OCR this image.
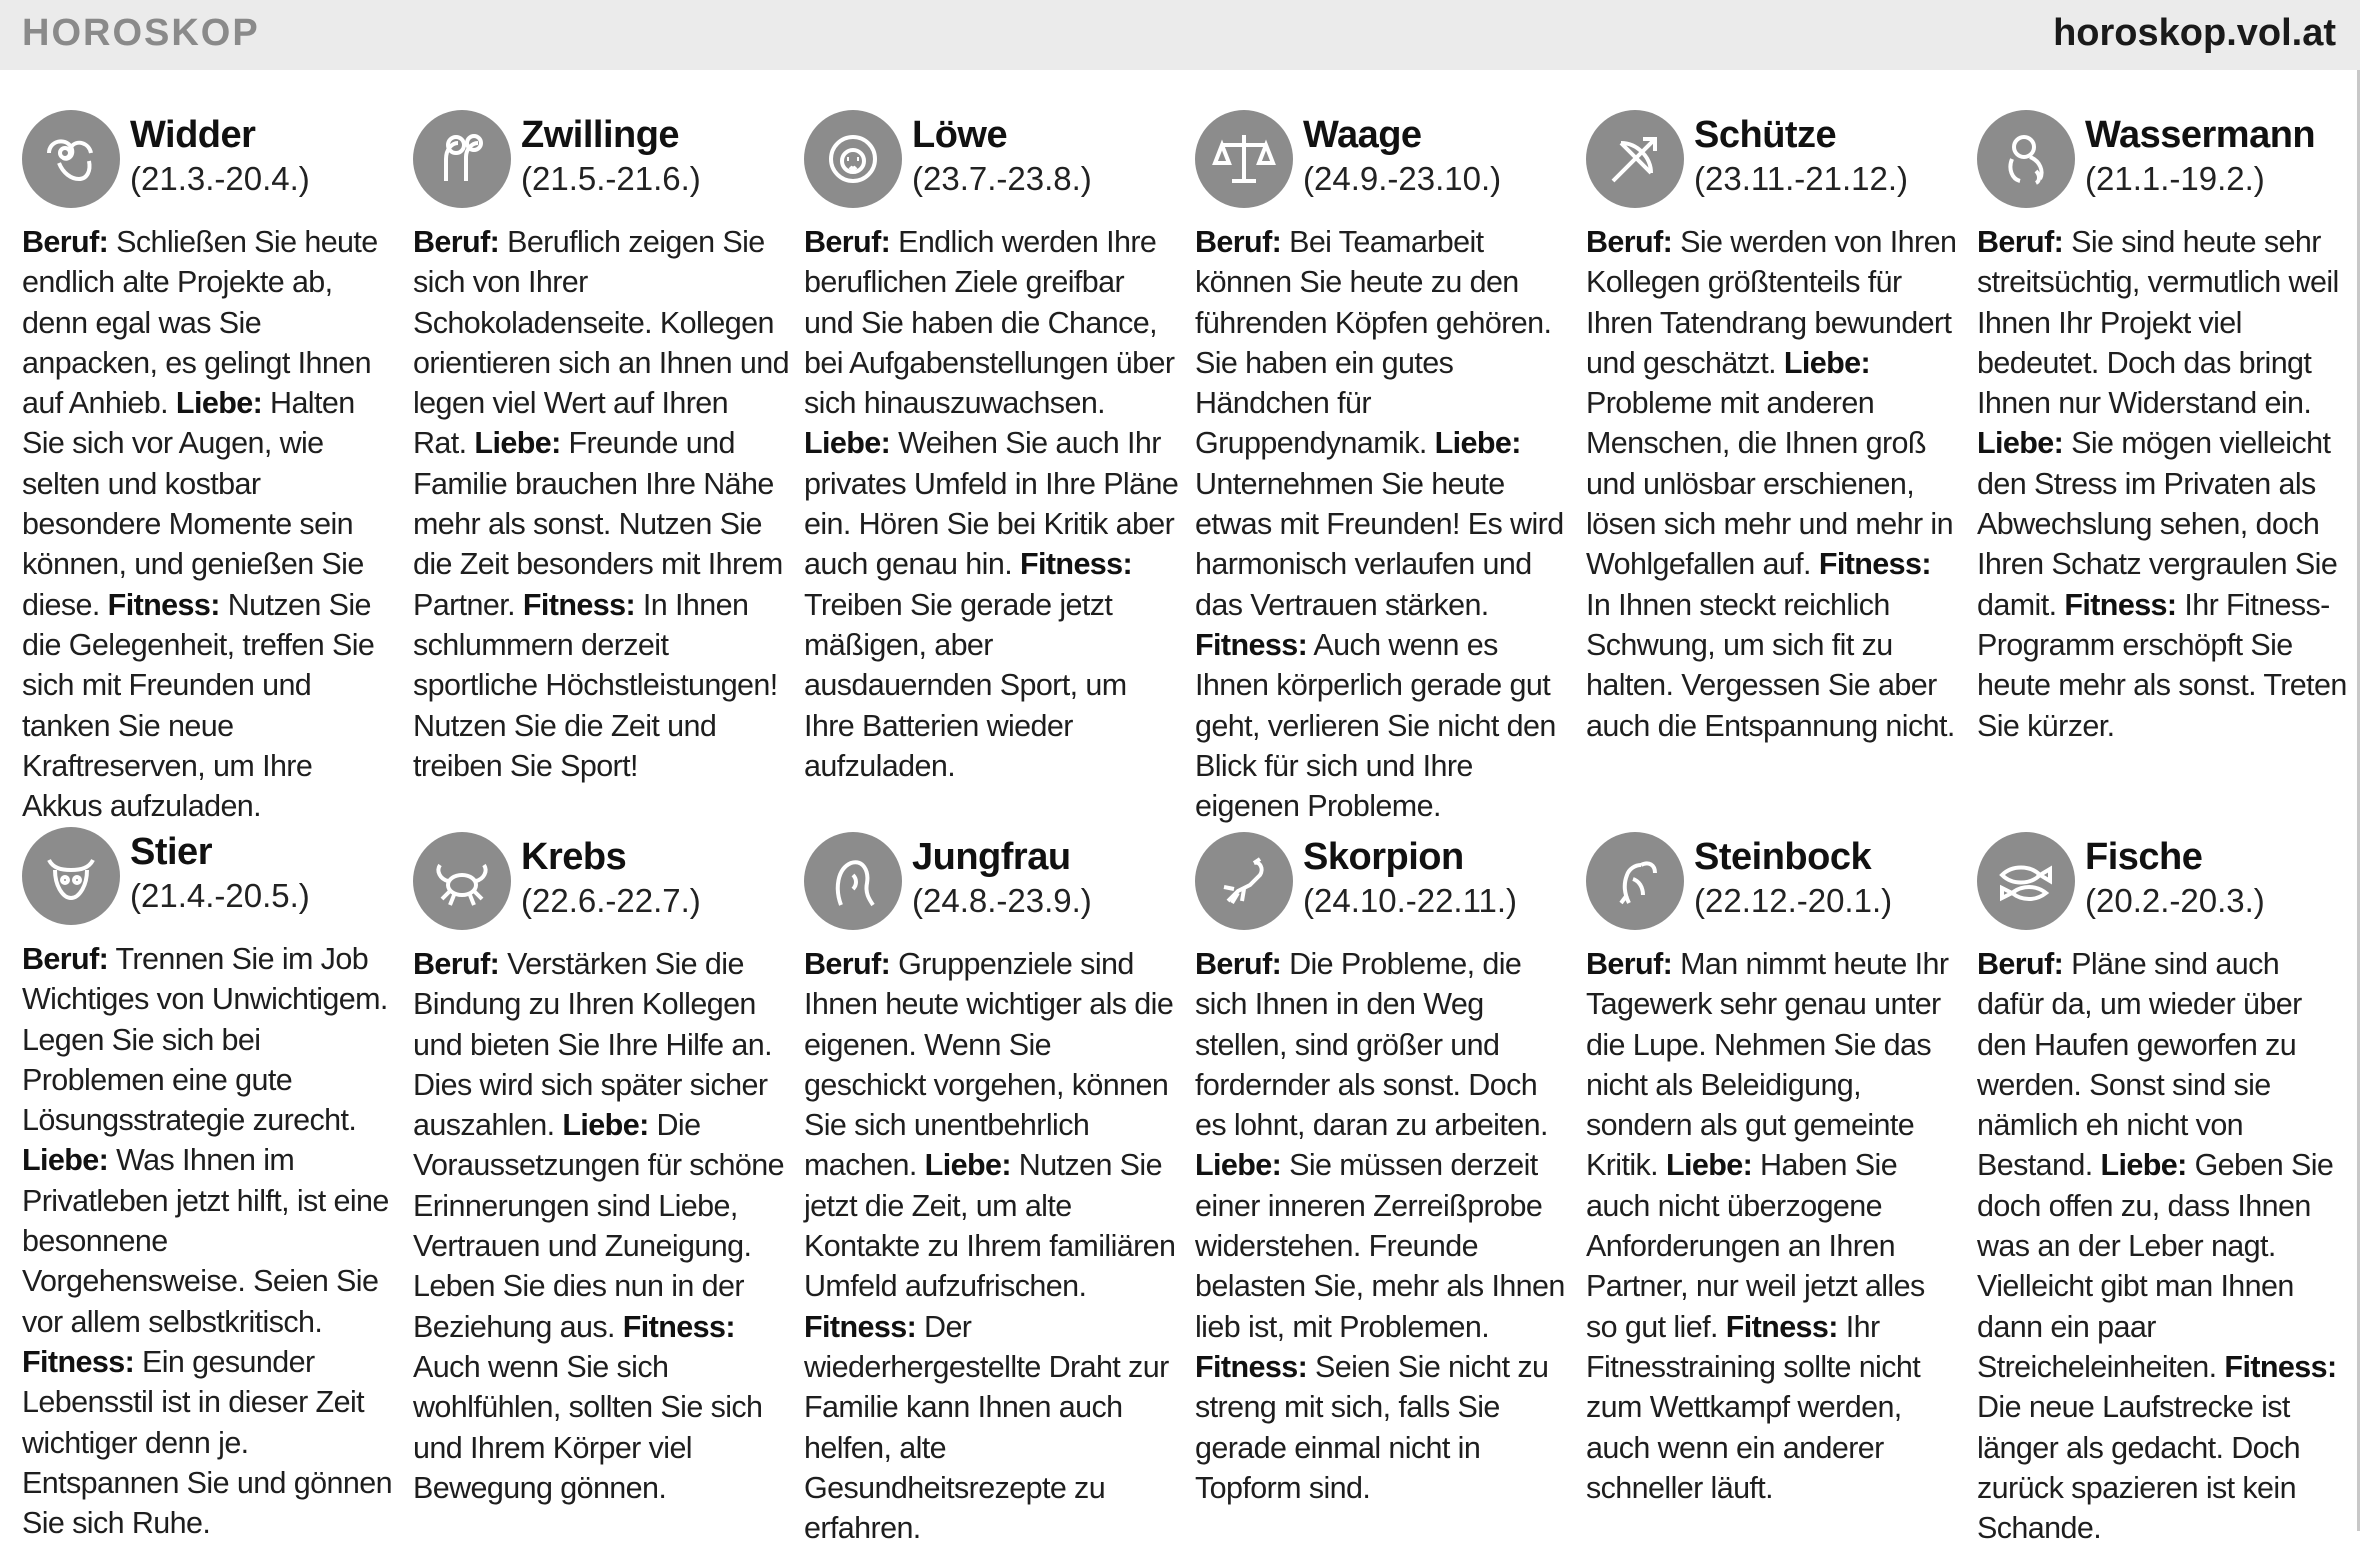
HOROSKOP	horoskop.vol.at
Widder
(21.3.-20.4.)
Beruf: Schließen Sie heute endlich alte Projekte ab, denn egal was Sie anpacken, es gelingt Ihnen auf Anhieb. Liebe: Halten Sie sich vor Augen, wie selten und kostbar besondere Momente sein können, und genießen Sie diese. Fitness: Nutzen Sie die Gelegenheit, treffen Sie sich mit Freunden und tanken Sie neue Kraftreserven, um Ihre Akkus aufzuladen.
Zwillinge
(21.5.-21.6.)
Beruf: Beruflich zeigen Sie sich von Ihrer Schokoladenseite. Kollegen orientieren sich an Ihnen und legen viel Wert auf Ihren Rat. Liebe: Freunde und Familie brauchen Ihre Nähe mehr als sonst. Nutzen Sie die Zeit besonders mit Ihrem Partner. Fitness: In Ihnen schlummern derzeit sportliche Höchstleistungen! Nutzen Sie die Zeit und treiben Sie Sport!
Löwe
(23.7.-23.8.)
Beruf: Endlich werden Ihre beruflichen Ziele greifbar und Sie haben die Chance, bei Aufgabenstellungen über sich hinauszuwachsen. Liebe: Weihen Sie auch Ihr privates Umfeld in Ihre Pläne ein. Hören Sie bei Kritik aber auch genau hin. Fitness: Treiben Sie gerade jetzt mäßigen, aber ausdauernden Sport, um Ihre Batterien wieder aufzuladen.
Waage
(24.9.-23.10.)
Beruf: Bei Teamarbeit können Sie heute zu den führenden Köpfen gehören. Sie haben ein gutes Händchen für Gruppendynamik. Liebe: Unternehmen Sie heute etwas mit Freunden! Es wird harmonisch verlaufen und das Vertrauen stärken. Fitness: Auch wenn es Ihnen körperlich gerade gut geht, verlieren Sie nicht den Blick für sich und Ihre eigenen Probleme.
Schütze
(23.11.-21.12.)
Beruf: Sie werden von Ihren Kollegen größtenteils für Ihren Tatendrang bewundert und geschätzt. Liebe: Probleme mit anderen Menschen, die Ihnen groß und unlösbar erschienen, lösen sich mehr und mehr in Wohlgefallen auf. Fitness: In Ihnen steckt reichlich Schwung, um sich fit zu halten. Vergessen Sie aber auch die Entspannung nicht.
Wassermann
(21.1.-19.2.)
Beruf: Sie sind heute sehr streitsüchtig, vermutlich weil Ihnen Ihr Projekt viel bedeutet. Doch das bringt Ihnen nur Widerstand ein. Liebe: Sie mögen vielleicht den Stress im Privaten als Abwechslung sehen, doch Ihren Schatz vergraulen Sie damit. Fitness: Ihr Fitness-Programm erschöpft Sie heute mehr als sonst. Treten Sie kürzer.
Stier
(21.4.-20.5.)
Beruf: Trennen Sie im Job Wichtiges von Unwichtigem. Legen Sie sich bei Problemen eine gute Lösungsstrategie zurecht. Liebe: Was Ihnen im Privatleben jetzt hilft, ist eine besonnene Vorgehensweise. Seien Sie vor allem selbstkritisch. Fitness: Ein gesunder Lebensstil ist in dieser Zeit wichtiger denn je. Entspannen Sie und gönnen Sie sich Ruhe.
Krebs
(22.6.-22.7.)
Beruf: Verstärken Sie die Bindung zu Ihren Kollegen und bieten Sie Ihre Hilfe an. Dies wird sich später sicher auszahlen. Liebe: Die Voraussetzungen für schöne Erinnerungen sind Liebe, Vertrauen und Zuneigung. Leben Sie dies nun in der Beziehung aus. Fitness: Auch wenn Sie sich wohlfühlen, sollten Sie sich und Ihrem Körper viel Bewegung gönnen.
Jungfrau
(24.8.-23.9.)
Beruf: Gruppenziele sind Ihnen heute wichtiger als die eigenen. Wenn Sie geschickt vorgehen, können Sie sich unentbehrlich machen. Liebe: Nutzen Sie jetzt die Zeit, um alte Kontakte zu Ihrem familiären Umfeld aufzufrischen. Fitness: Der wiederhergestellte Draht zur Familie kann Ihnen auch helfen, alte Gesundheitsrezepte zu erfahren.
Skorpion
(24.10.-22.11.)
Beruf: Die Probleme, die sich Ihnen in den Weg stellen, sind größer und fordernder als sonst. Doch es lohnt, daran zu arbeiten. Liebe: Sie müssen derzeit einer inneren Zerreißprobe widerstehen. Freunde belasten Sie, mehr als Ihnen lieb ist, mit Problemen. Fitness: Seien Sie nicht zu streng mit sich, falls Sie gerade einmal nicht in Topform sind.
Steinbock
(22.12.-20.1.)
Beruf: Man nimmt heute Ihr Tagewerk sehr genau unter die Lupe. Nehmen Sie das nicht als Beleidigung, sondern als gut gemeinte Kritik. Liebe: Haben Sie auch nicht überzogene Anforderungen an Ihren Partner, nur weil jetzt alles so gut lief. Fitness: Ihr Fitnesstraining sollte nicht zum Wettkampf werden, auch wenn ein anderer schneller läuft.
Fische
(20.2.-20.3.)
Beruf: Pläne sind auch dafür da, um wieder über den Haufen geworfen zu werden. Sonst sind sie nämlich eh nicht von Bestand. Liebe: Geben Sie doch offen zu, dass Ihnen was an der Leber nagt. Vielleicht gibt man Ihnen dann ein paar Streicheleinheiten. Fitness: Die neue Laufstrecke ist länger als gedacht. Doch zurück spazieren ist kein Schande.
